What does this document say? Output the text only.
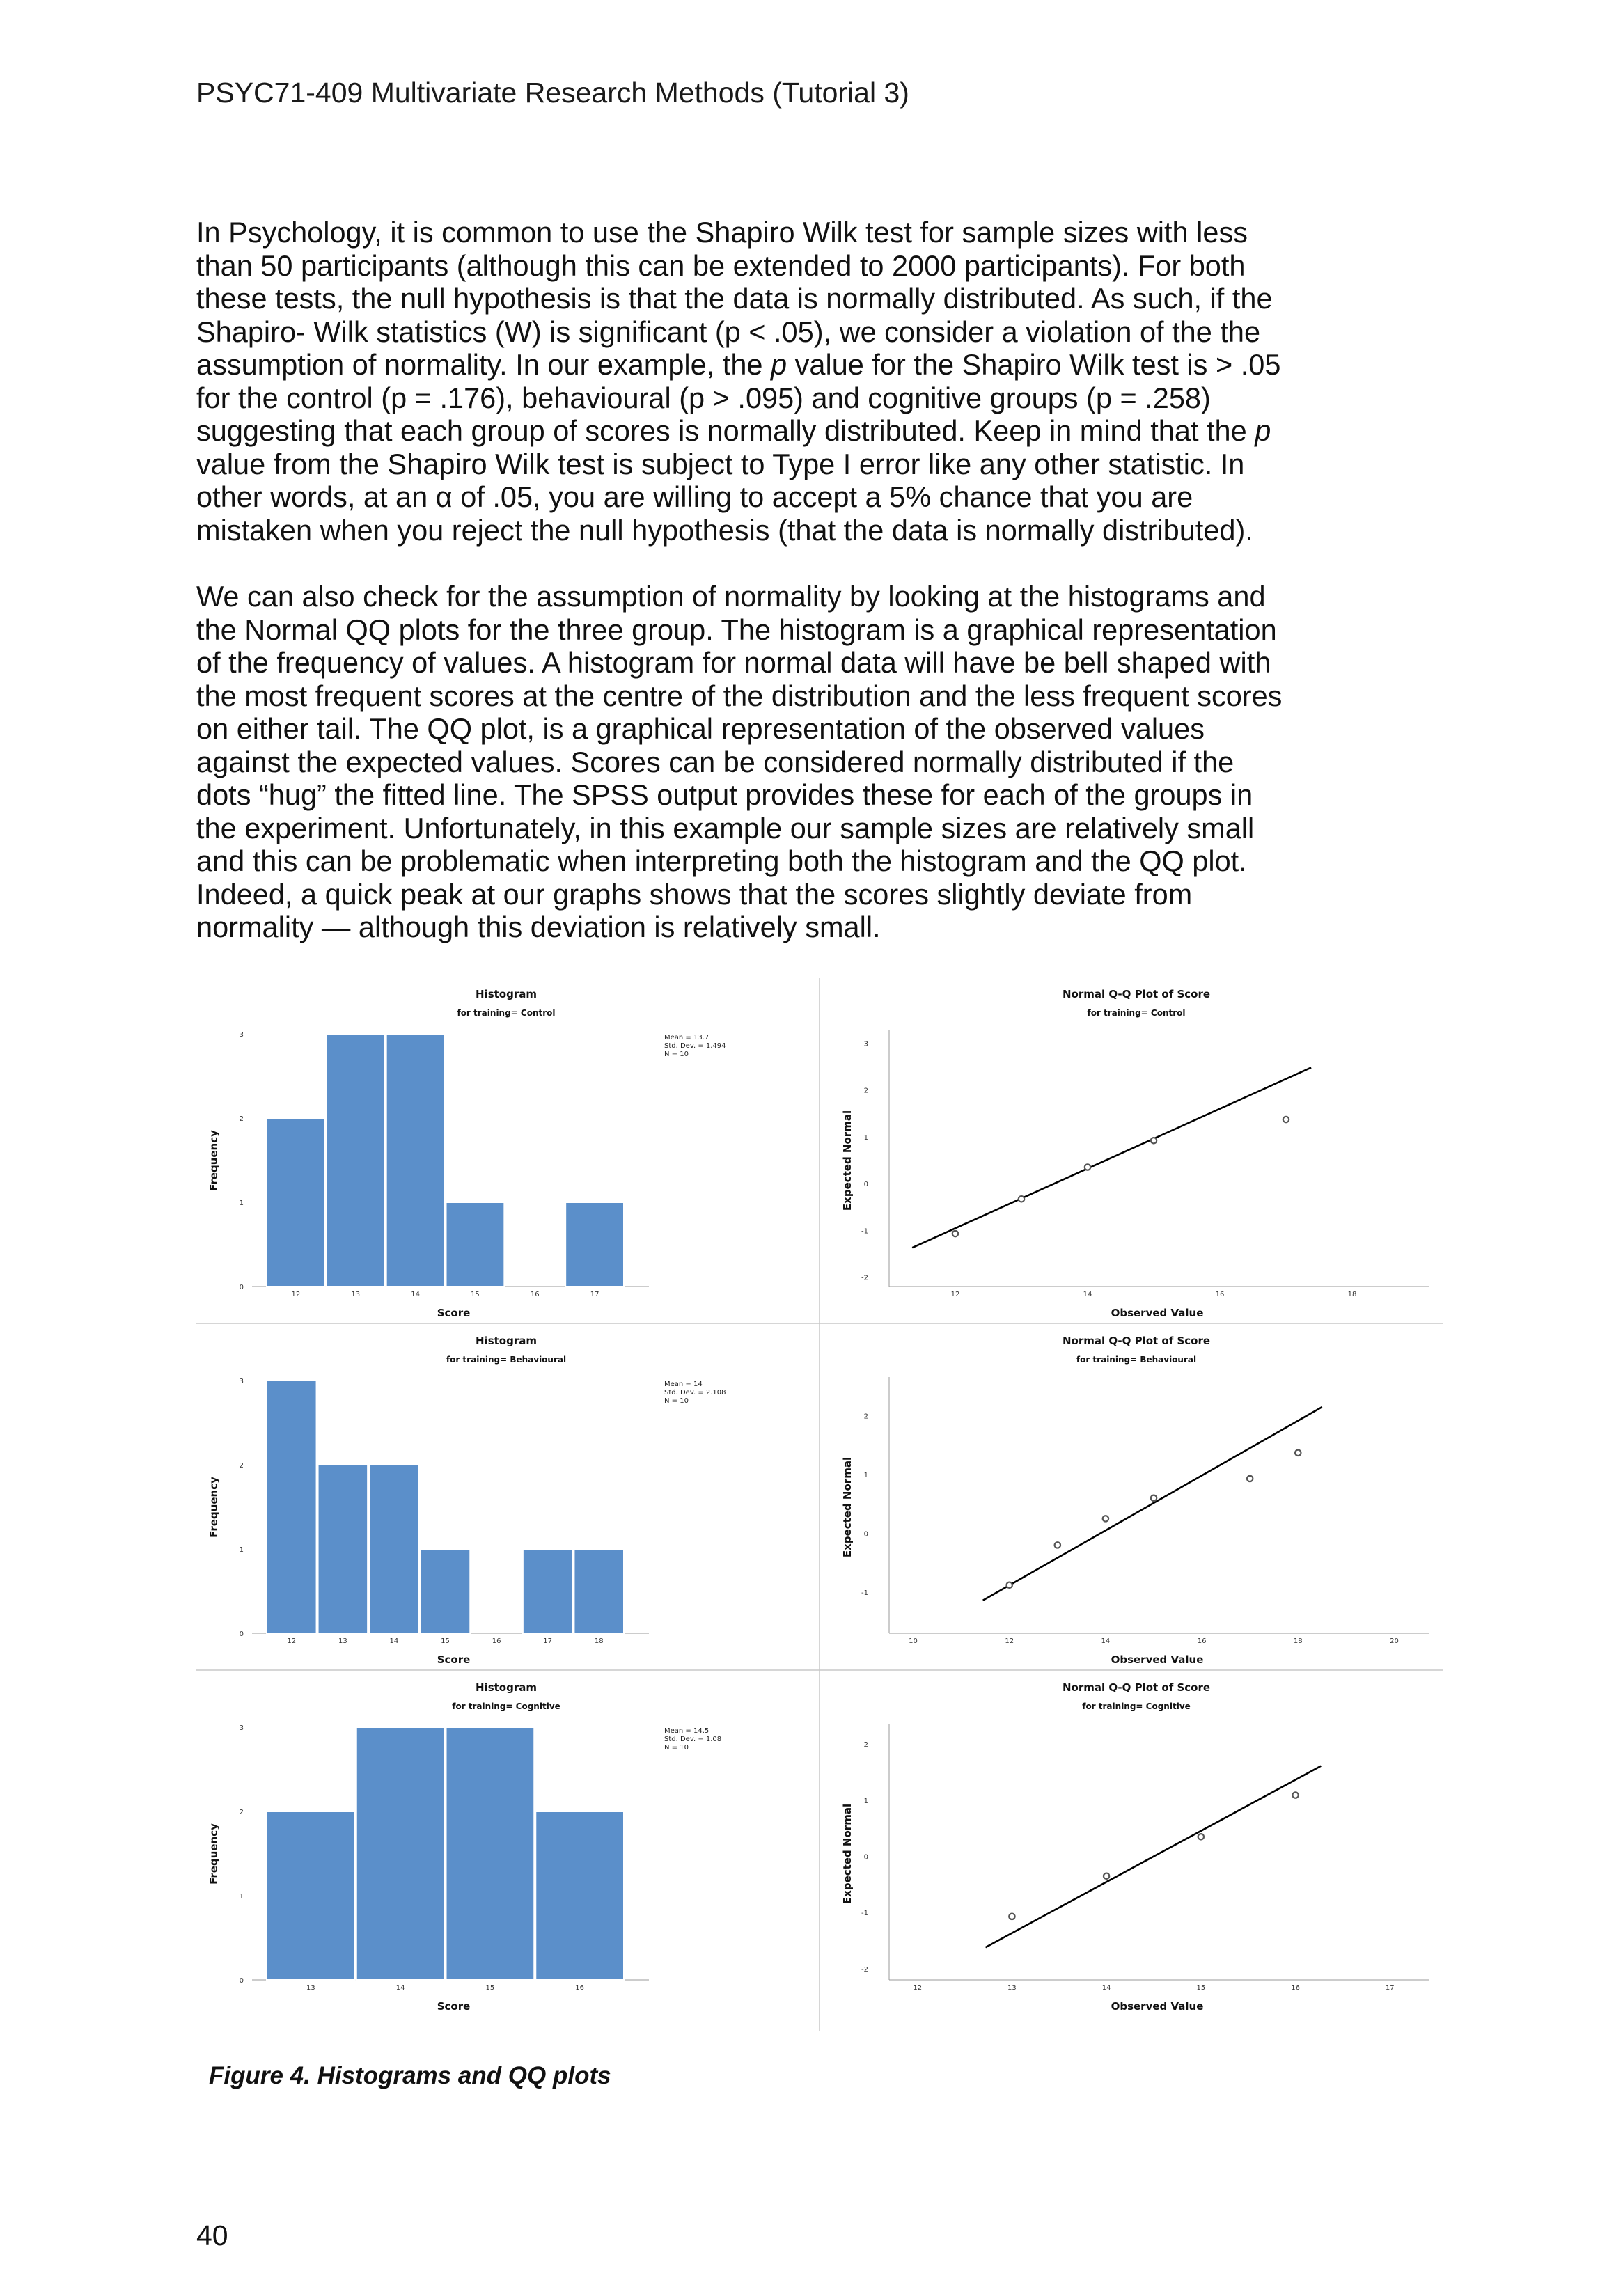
PSYC71-409 Multivariate Research Methods (Tutorial 3)

In Psychology, it is common to use the Shapiro Wilk test for sample sizes with less
than 50 participants (although this can be extended to 2000 participants). For both
these tests, the null hypothesis is that the data is normally distributed. As such, if the
Shapiro- Wilk statistics (W) is significant (p < .05), we consider a violation of the the
assumption of normality. In our example, the p value for the Shapiro Wilk test is > .05
for the control (p = .176), behavioural (p > .095) and cognitive groups (p = .258)
suggesting that each group of scores is normally distributed. Keep in mind that the p
value from the Shapiro Wilk test is subject to Type I error like any other statistic. In
other words, at an α of .05, you are willing to accept a 5% chance that you are
mistaken when you reject the null hypothesis (that the data is normally distributed).

We can also check for the assumption of normality by looking at the histograms and
the Normal QQ plots for the three group. The histogram is a graphical representation
of the frequency of values. A histogram for normal data will have be bell shaped with
the most frequent scores at the centre of the distribution and the less frequent scores
on either tail. The QQ plot, is a graphical representation of the observed values
against the expected values. Scores can be considered normally distributed if the
dots “hug” the fitted line. The SPSS output provides these for each of the groups in
the experiment. Unfortunately, in this example our sample sizes are relatively small
and this can be problematic when interpreting both the histogram and the QQ plot.
Indeed, a quick peak at our graphs shows that the scores slightly deviate from
normality — although this deviation is relatively small.

Histogram
for training= Control
0
1
2
3
12	13	14	15	16	17
Score
Frequency
Mean = 13.7
Std. Dev. = 1.494
N = 10
Normal Q-Q Plot of Score
for training= Control
12	14	16	18
-2
-1
0
1
2
3
Observed Value
Expected Normal
Histogram
for training= Behavioural
0
1
2
3
12	13	14	15	16	17	18
Score
Frequency
Mean = 14
Std. Dev. = 2.108
N = 10
Normal Q-Q Plot of Score
for training= Behavioural
10	12	14	16	18	20
-1
0
1
2
Observed Value
Expected Normal
Histogram
for training= Cognitive
0
1
2
3
13	14	15	16
Score
Frequency
Mean = 14.5
Std. Dev. = 1.08
N = 10
Normal Q-Q Plot of Score
for training= Cognitive
12	13	14	15	16	17
-2
-1
0
1
2
Observed Value
Expected Normal
Figure 4. Histograms and QQ plots
40
